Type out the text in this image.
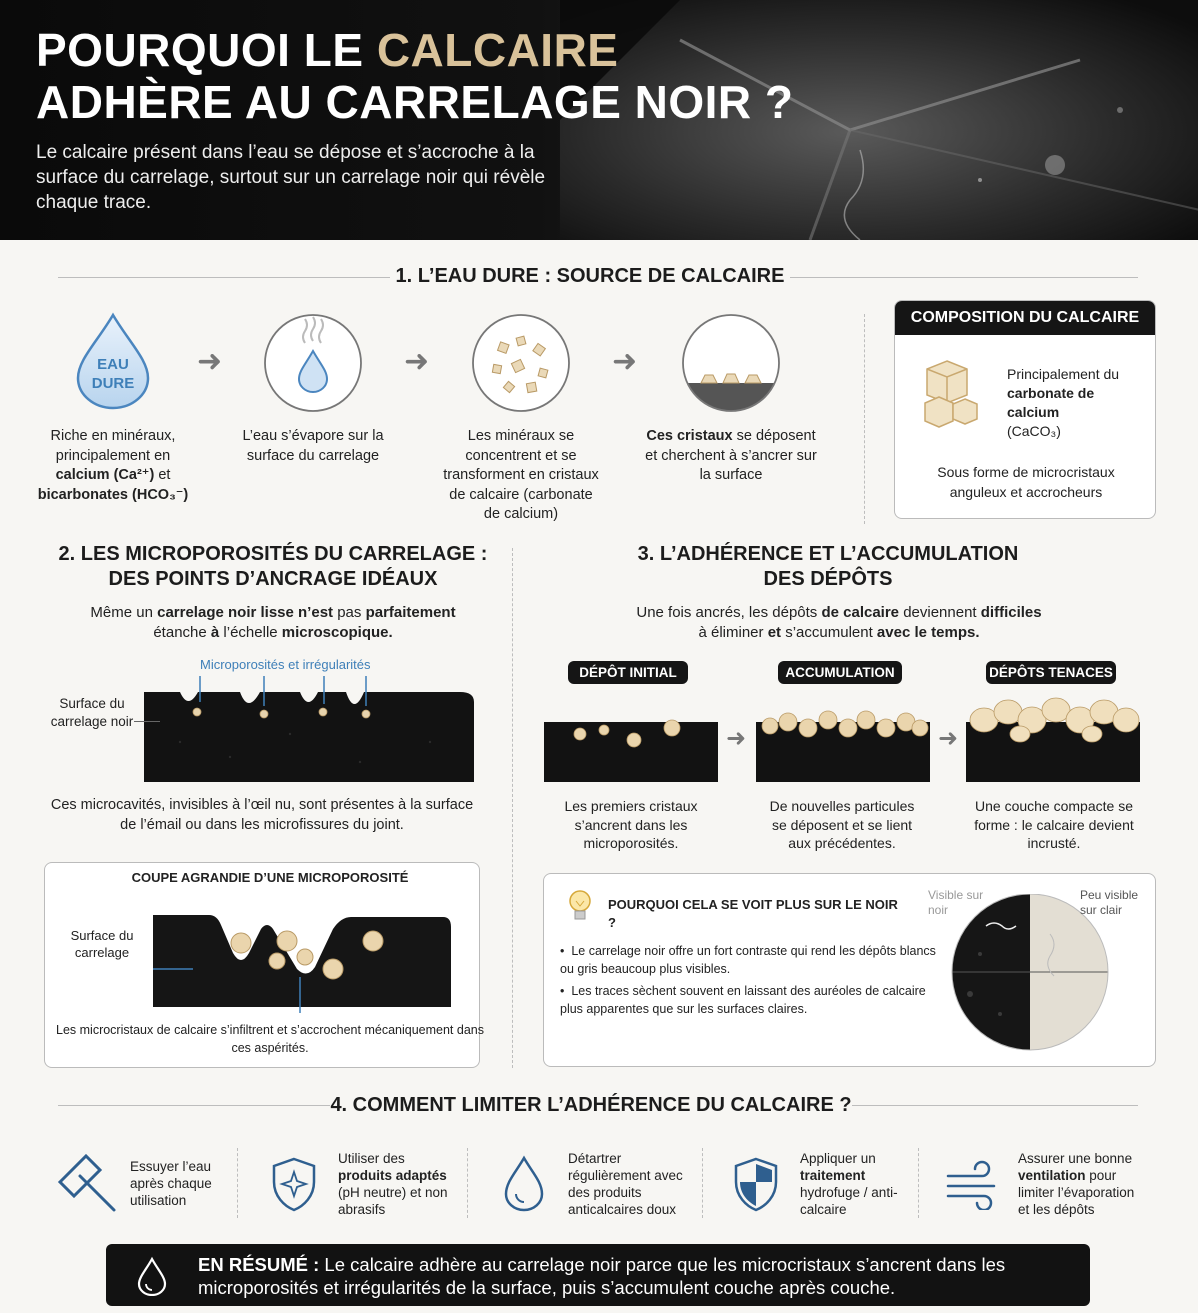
POURQUOI LE CALCAIRE
ADHÈRE AU CARRELAGE NOIR ?

Le calcaire présent dans l’eau se dépose et s’accroche à la surface du carrelage, surtout sur un carrelage noir qui révèle chaque trace.

1. L’EAU DURE : SOURCE DE CALCAIRE
EAU
DURE
➜	➜	➜
Riche en minéraux, principalement en
calcium (Ca²⁺) et
bicarbonates (HCO₃⁻)
L’eau s’évapore sur la surface du carrelage
Les minéraux se concentrent et se transforment en cristaux de calcaire (carbonate de calcium)
Ces cristaux se déposent et cherchent à s’ancrer sur la surface
COMPOSITION DU CALCAIRE
Principalement du
carbonate de calcium
(CaCO₃)
Sous forme de microcristaux anguleux et accrocheurs
2. LES MICROPOROSITÉS DU CARRELAGE :
DES POINTS D’ANCRAGE IDÉAUX
Même un carrelage noir lisse n’est pas parfaitement
étanche à l’échelle microscopique.
Microporosités et irrégularités
Surface du carrelage noir
Ces microcavités, invisibles à l’œil nu, sont présentes à la surface de l’émail ou dans les microfissures du joint.
COUPE AGRANDIE D’UNE MICROPOROSITÉ
Surface du carrelage
Les microcristaux de calcaire s’infiltrent et s’accrochent mécaniquement dans ces aspérités.
3. L’ADHÉRENCE ET L’ACCUMULATION
DES DÉPÔTS
Une fois ancrés, les dépôts de calcaire deviennent difficiles
à éliminer et s’accumulent avec le temps.
DÉPÔT INITIAL	ACCUMULATION	DÉPÔTS TENACES
➜	➜
Les premiers cristaux s’ancrent dans les microporosités.
De nouvelles particules se déposent et se lient aux précédentes.
Une couche compacte se forme : le calcaire devient incrusté.
POURQUOI CELA SE VOIT PLUS SUR LE NOIR ?
•  Le carrelage noir offre un fort contraste qui rend les dépôts blancs ou gris beaucoup plus visibles.
•  Les traces sèchent souvent en laissant des auréoles de calcaire plus apparentes que sur les surfaces claires.
Visible sur noir
Peu visible sur clair
4. COMMENT LIMITER L’ADHÉRENCE DU CALCAIRE ?
Essuyer l’eau après chaque utilisation
Utiliser des produits adaptés (pH neutre) et non abrasifs
Détartrer régulièrement avec des produits anticalcaires doux
Appliquer un
traitement hydrofuge / anti-calcaire
Assurer une bonne ventilation pour limiter l’évaporation et les dépôts
EN RÉSUMÉ : Le calcaire adhère au carrelage noir parce que les microcristaux s’ancrent dans les microporosités et irrégularités de la surface, puis s’accumulent couche après couche.
